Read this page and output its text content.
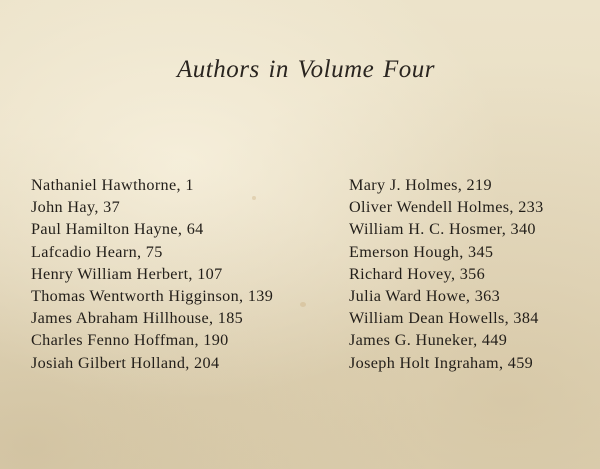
Authors in Volume Four
Nathaniel Hawthorne, 1
John Hay, 37
Paul Hamilton Hayne, 64
Lafcadio Hearn, 75
Henry William Herbert, 107
Thomas Wentworth Higginson, 139
James Abraham Hillhouse, 185
Charles Fenno Hoffman, 190
Josiah Gilbert Holland, 204
Mary J. Holmes, 219
Oliver Wendell Holmes, 233
William H. C. Hosmer, 340
Emerson Hough, 345
Richard Hovey, 356
Julia Ward Howe, 363
William Dean Howells, 384
James G. Huneker, 449
Joseph Holt Ingraham, 459
